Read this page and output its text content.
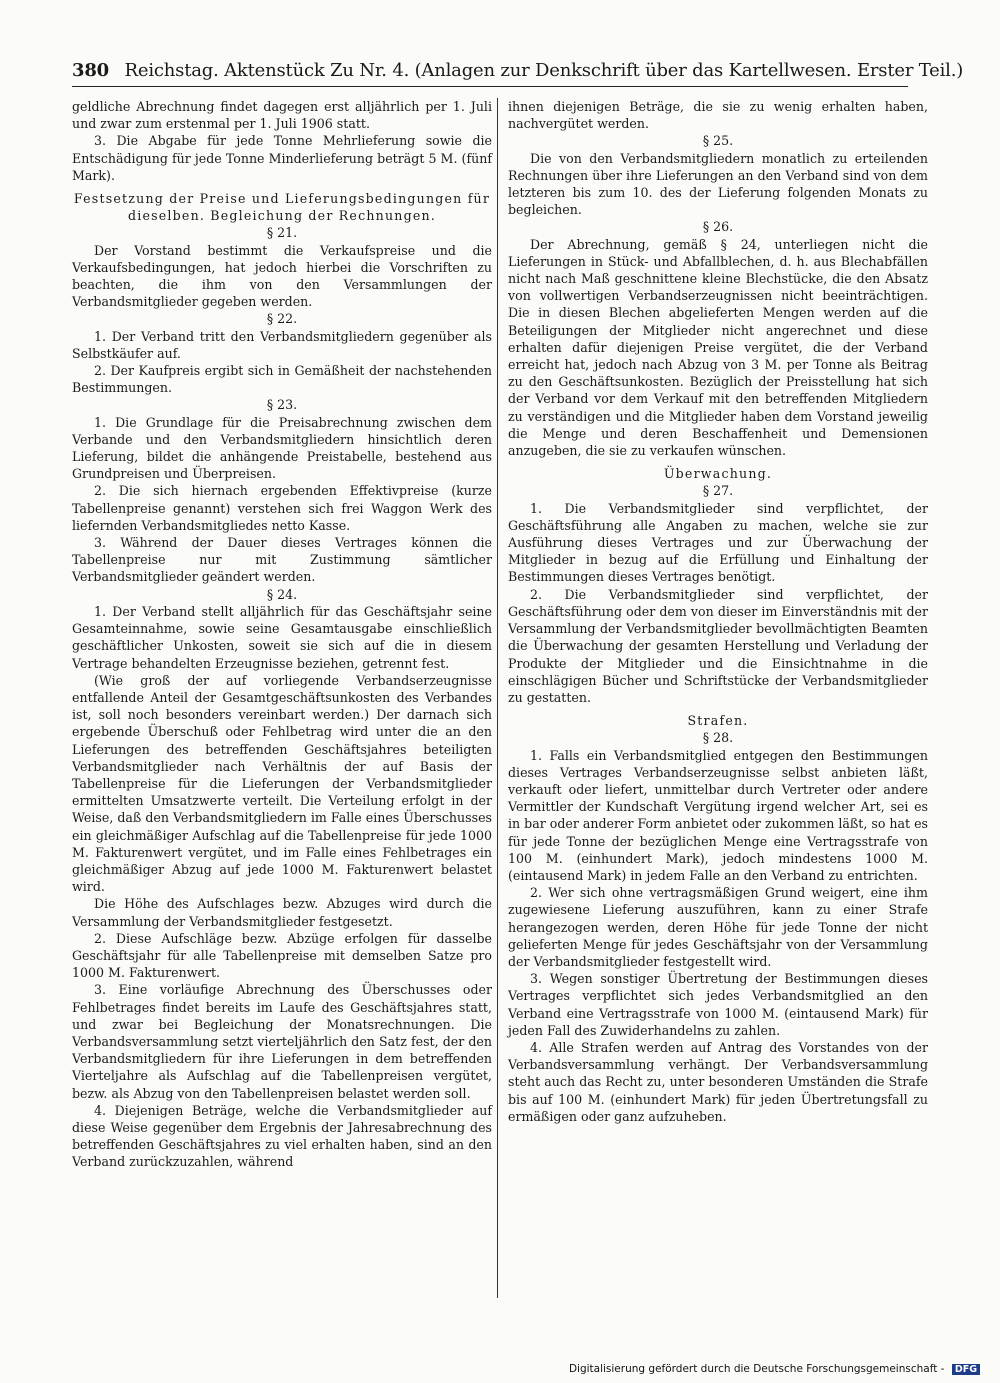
380 Reichstag. Aktenstück Zu Nr. 4. (Anlagen zur Denkschrift über das Kartellwesen. Erster Teil.)

geldliche Abrechnung findet dagegen erst alljährlich per 1. Juli und zwar zum erstenmal per 1. Juli 1906 statt.

3. Die Abgabe für jede Tonne Mehrlieferung sowie die Entschädigung für jede Tonne Minderlieferung beträgt 5 M. (fünf Mark).

Festsetzung der Preise und Lieferungsbedingungen für dieselben. Begleichung der Rechnungen.

§ 21.

Der Vorstand bestimmt die Verkaufspreise und die Verkaufsbedingungen, hat jedoch hierbei die Vorschriften zu beachten, die ihm von den Versammlungen der Verbandsmitglieder gegeben werden.

§ 22.

1. Der Verband tritt den Verbandsmitgliedern gegenüber als Selbstkäufer auf.

2. Der Kaufpreis ergibt sich in Gemäßheit der nachstehenden Bestimmungen.

§ 23.

1. Die Grundlage für die Preisabrechnung zwischen dem Verbande und den Verbandsmitgliedern hinsichtlich deren Lieferung, bildet die anhängende Preistabelle, bestehend aus Grundpreisen und Überpreisen.

2. Die sich hiernach ergebenden Effektivpreise (kurze Tabellenpreise genannt) verstehen sich frei Waggon Werk des liefernden Verbandsmitgliedes netto Kasse.

3. Während der Dauer dieses Vertrages können die Tabellenpreise nur mit Zustimmung sämtlicher Verbandsmitglieder geändert werden.

§ 24.

1. Der Verband stellt alljährlich für das Geschäftsjahr seine Gesamteinnahme, sowie seine Gesamtausgabe einschließlich geschäftlicher Unkosten, soweit sie sich auf die in diesem Vertrage behandelten Erzeugnisse beziehen, getrennt fest.

(Wie groß der auf vorliegende Verbandserzeugnisse entfallende Anteil der Gesamtgeschäftsunkosten des Verbandes ist, soll noch besonders vereinbart werden.) Der darnach sich ergebende Überschuß oder Fehlbetrag wird unter die an den Lieferungen des betreffenden Geschäftsjahres beteiligten Verbandsmitglieder nach Verhältnis der auf Basis der Tabellenpreise für die Lieferungen der Verbandsmitglieder ermittelten Umsatzwerte verteilt. Die Verteilung erfolgt in der Weise, daß den Verbandsmitgliedern im Falle eines Überschusses ein gleichmäßiger Aufschlag auf die Tabellenpreise für jede 1000 M. Fakturenwert vergütet, und im Falle eines Fehlbetrages ein gleichmäßiger Abzug auf jede 1000 M. Fakturenwert belastet wird.

Die Höhe des Aufschlages bezw. Abzuges wird durch die Versammlung der Verbandsmitglieder festgesetzt.

2. Diese Aufschläge bezw. Abzüge erfolgen für dasselbe Geschäftsjahr für alle Tabellenpreise mit demselben Satze pro 1000 M. Fakturenwert.

3. Eine vorläufige Abrechnung des Überschusses oder Fehlbetrages findet bereits im Laufe des Geschäftsjahres statt, und zwar bei Begleichung der Monatsrechnungen. Die Verbandsversammlung setzt vierteljährlich den Satz fest, der den Verbandsmitgliedern für ihre Lieferungen in dem betreffenden Vierteljahre als Aufschlag auf die Tabellenpreisen vergütet, bezw. als Abzug von den Tabellenpreisen belastet werden soll.

4. Diejenigen Beträge, welche die Verbandsmitglieder auf diese Weise gegenüber dem Ergebnis der Jahresabrechnung des betreffenden Geschäftsjahres zu viel erhalten haben, sind an den Verband zurückzuzahlen, während

ihnen diejenigen Beträge, die sie zu wenig erhalten haben, nachvergütet werden.

§ 25.

Die von den Verbandsmitgliedern monatlich zu erteilenden Rechnungen über ihre Lieferungen an den Verband sind von dem letzteren bis zum 10. des der Lieferung folgenden Monats zu begleichen.

§ 26.

Der Abrechnung, gemäß § 24, unterliegen nicht die Lieferungen in Stück- und Abfallblechen, d. h. aus Blechabfällen nicht nach Maß geschnittene kleine Blechstücke, die den Absatz von vollwertigen Verbandserzeugnissen nicht beeinträchtigen. Die in diesen Blechen abgelieferten Mengen werden auf die Beteiligungen der Mitglieder nicht angerechnet und diese erhalten dafür diejenigen Preise vergütet, die der Verband erreicht hat, jedoch nach Abzug von 3 M. per Tonne als Beitrag zu den Geschäftsunkosten. Bezüglich der Preisstellung hat sich der Verband vor dem Verkauf mit den betreffenden Mitgliedern zu verständigen und die Mitglieder haben dem Vorstand jeweilig die Menge und deren Beschaffenheit und Demensionen anzugeben, die sie zu verkaufen wünschen.

Überwachung.

§ 27.

1. Die Verbandsmitglieder sind verpflichtet, der Geschäftsführung alle Angaben zu machen, welche sie zur Ausführung dieses Vertrages und zur Überwachung der Mitglieder in bezug auf die Erfüllung und Einhaltung der Bestimmungen dieses Vertrages benötigt.

2. Die Verbandsmitglieder sind verpflichtet, der Geschäftsführung oder dem von dieser im Einverständnis mit der Versammlung der Verbandsmitglieder bevollmächtigten Beamten die Überwachung der gesamten Herstellung und Verladung der Produkte der Mitglieder und die Einsichtnahme in die einschlägigen Bücher und Schriftstücke der Verbandsmitglieder zu gestatten.

Strafen.

§ 28.

1. Falls ein Verbandsmitglied entgegen den Bestimmungen dieses Vertrages Verbandserzeugnisse selbst anbieten läßt, verkauft oder liefert, unmittelbar durch Vertreter oder andere Vermittler der Kundschaft Vergütung irgend welcher Art, sei es in bar oder anderer Form anbietet oder zukommen läßt, so hat es für jede Tonne der bezüglichen Menge eine Vertragsstrafe von 100 M. (einhundert Mark), jedoch mindestens 1000 M. (eintausend Mark) in jedem Falle an den Verband zu entrichten.

2. Wer sich ohne vertragsmäßigen Grund weigert, eine ihm zugewiesene Lieferung auszuführen, kann zu einer Strafe herangezogen werden, deren Höhe für jede Tonne der nicht gelieferten Menge für jedes Geschäftsjahr von der Versammlung der Verbandsmitglieder festgestellt wird.

3. Wegen sonstiger Übertretung der Bestimmungen dieses Vertrages verpflichtet sich jedes Verbandsmitglied an den Verband eine Vertragsstrafe von 1000 M. (eintausend Mark) für jeden Fall des Zuwiderhandelns zu zahlen.

4. Alle Strafen werden auf Antrag des Vorstandes von der Verbandsversammlung verhängt. Der Verbandsversammlung steht auch das Recht zu, unter besonderen Umständen die Strafe bis auf 100 M. (einhundert Mark) für jeden Übertretungsfall zu ermäßigen oder ganz aufzuheben.

Digitalisierung gefördert durch die Deutsche Forschungsgemeinschaft - DFG
